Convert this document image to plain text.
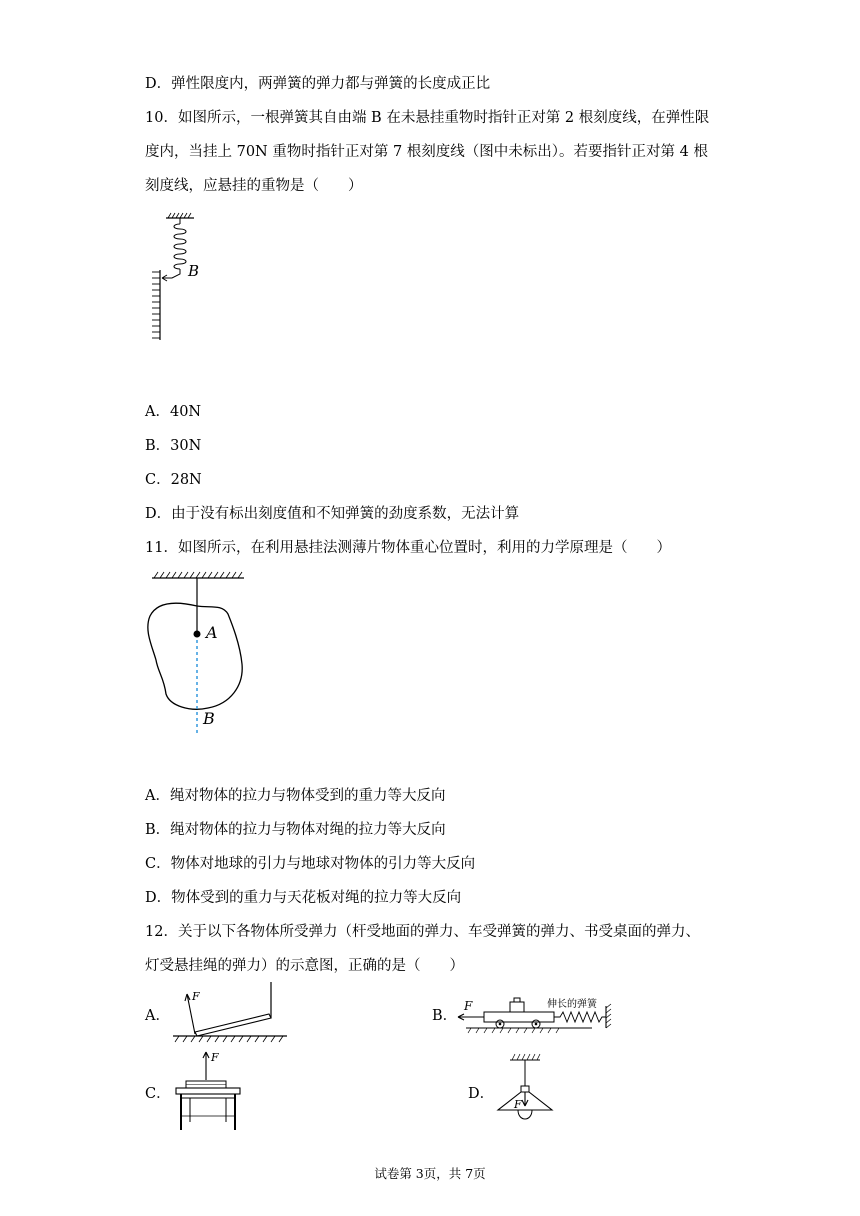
D．弹性限度内，两弹簧的弹力都与弹簧的长度成正比
10．如图所示，一根弹簧其自由端 B 在未悬挂重物时指针正对第 2 根刻度线，在弹性限
度内，当挂上 70N 重物时指针正对第 7 根刻度线（图中未标出）。若要指针正对第 4 根
刻度线，应悬挂的重物是（　　）
B
A．40N
B．30N
C．28N
D．由于没有标出刻度值和不知弹簧的劲度系数，无法计算
11．如图所示，在利用悬挂法测薄片物体重心位置时，利用的力学原理是（　　）
A
B
A．绳对物体的拉力与物体受到的重力等大反向
B．绳对物体的拉力与物体对绳的拉力等大反向
C．物体对地球的引力与地球对物体的引力等大反向
D．物体受到的重力与天花板对绳的拉力等大反向
12．关于以下各物体所受弹力（杆受地面的弹力、车受弹簧的弹力、书受桌面的弹力、
灯受悬挂绳的弹力）的示意图，正确的是（　　）
A．
F
B．
F	伸长的弹簧
C．
F
D．
F
试卷第 3页，共 7页
